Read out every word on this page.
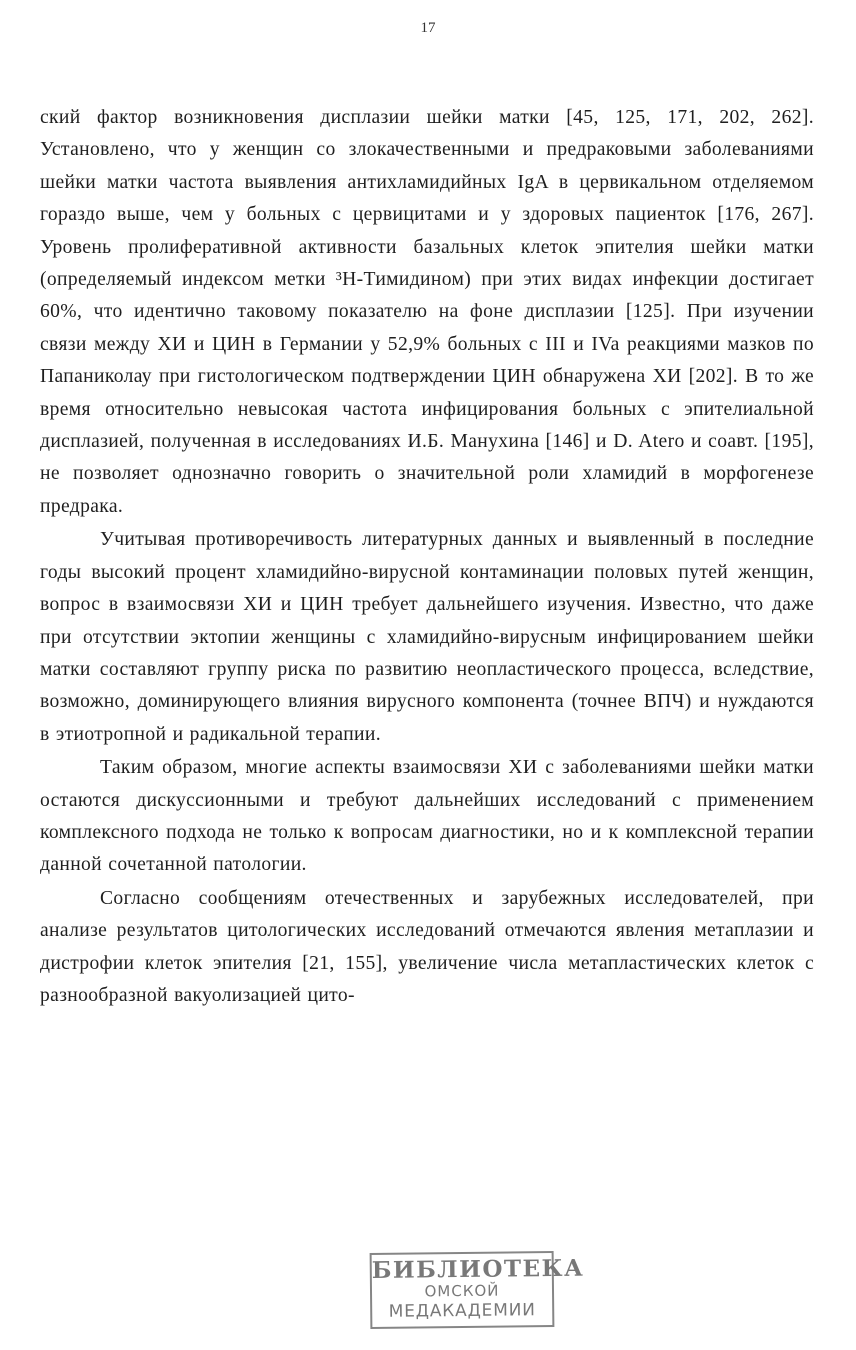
17

ский фактор возникновения дисплазии шейки матки [45, 125, 171, 202, 262]. Установлено, что у женщин со злокачественными и предраковыми заболеваниями шейки матки частота выявления антихламидийных IgA в цервикальном отделяемом гораздо выше, чем у больных с цервицитами и у здоровых пациенток [176, 267]. Уровень пролиферативной активности базальных клеток эпителия шейки матки (определяемый индексом метки ³Н-Тимидином) при этих видах инфекции достигает 60%, что идентично таковому показателю на фоне дисплазии [125]. При изучении связи между ХИ и ЦИН в Германии у 52,9% больных с III и IVa реакциями мазков по Папаниколау при гистологическом подтверждении ЦИН обнаружена ХИ [202]. В то же время относительно невысокая частота инфицирования больных с эпителиальной дисплазией, полученная в исследованиях И.Б. Манухина [146] и D. Atero и соавт. [195], не позволяет однозначно говорить о значительной роли хламидий в морфогенезе предрака.

Учитывая противоречивость литературных данных и выявленный в последние годы высокий процент хламидийно-вирусной контаминации половых путей женщин, вопрос в взаимосвязи ХИ и ЦИН требует дальнейшего изучения. Известно, что даже при отсутствии эктопии женщины с хламидийно-вирусным инфицированием шейки матки составляют группу риска по развитию неопластического процесса, вследствие, возможно, доминирующего влияния вирусного компонента (точнее ВПЧ) и нуждаются в этиотропной и радикальной терапии.

Таким образом, многие аспекты взаимосвязи ХИ с заболеваниями шейки матки остаются дискуссионными и требуют дальнейших исследований с применением комплексного подхода не только к вопросам диагностики, но и к комплексной терапии данной сочетанной патологии.

Согласно сообщениям отечественных и зарубежных исследователей, при анализе результатов цитологических исследований отмечаются явления метаплазии и дистрофии клеток эпителия [21, 155], увеличение числа метапластических клеток с разнообразной вакуолизацией цито-

БИБЛИОТЕКА
ОМСКОЙ
МЕДАКАДЕМИИ
